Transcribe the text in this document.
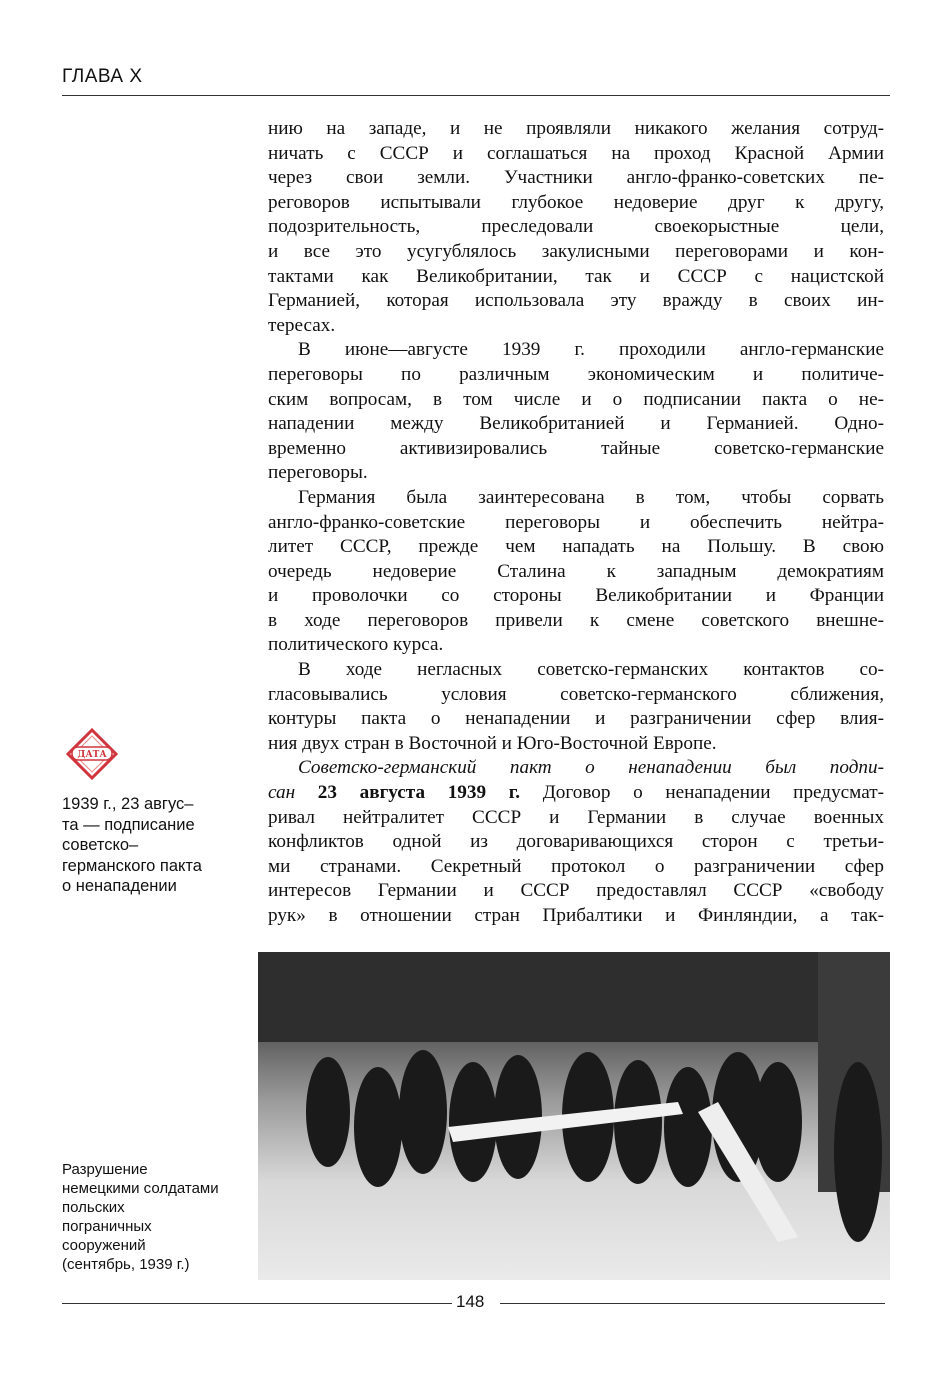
ГЛАВА X
нию на западе, и не проявляли никакого желания сотруд-
ничать с СССР и соглашаться на проход Красной Армии
через свои земли. Участники англо-франко-советских пе-
реговоров испытывали глубокое недоверие друг к другу,
подозрительность, преследовали своекорыстные цели,
и все это усугублялось закулисными переговорами и кон-
тактами как Великобритании, так и СССР с нацистской
Германией, которая использовала эту вражду в своих ин-
тересах.
В июне—августе 1939 г. проходили англо-германские
переговоры по различным экономическим и политиче-
ским вопросам, в том числе и о подписании пакта о не-
нападении между Великобританией и Германией. Одно-
временно активизировались тайные советско-германские
переговоры.
Германия была заинтересована в том, чтобы сорвать
англо-франко-советские переговоры и обеспечить нейтра-
литет СССР, прежде чем нападать на Польшу. В свою
очередь недоверие Сталина к западным демократиям
и проволочки со стороны Великобритании и Франции
в ходе переговоров привели к смене советского внешне-
политического курса.
В ходе негласных советско-германских контактов со-
гласовывались условия советско-германского сближения,
контуры пакта о ненападении и разграничении сфер влия-
ния двух стран в Восточной и Юго-Восточной Европе.
Советско-германский пакт о ненападении был подпи-
сан 23 августа 1939 г. Договор о ненападении предусмат-
ривал нейтралитет СССР и Германии в случае военных
конфликтов одной из договаривающихся сторон с третьи-
ми странами. Секретный протокол о разграничении сфер
интересов Германии и СССР предоставлял СССР «свободу
рук» в отношении стран Прибалтики и Финляндии, а так-
ДАТА
1939 г., 23 авгус–
та — подписание
советско–
германского пакта
о ненападении
Разрушение
немецкими солдатами
польских
пограничных
сооружений
(сентябрь, 1939 г.)
148
